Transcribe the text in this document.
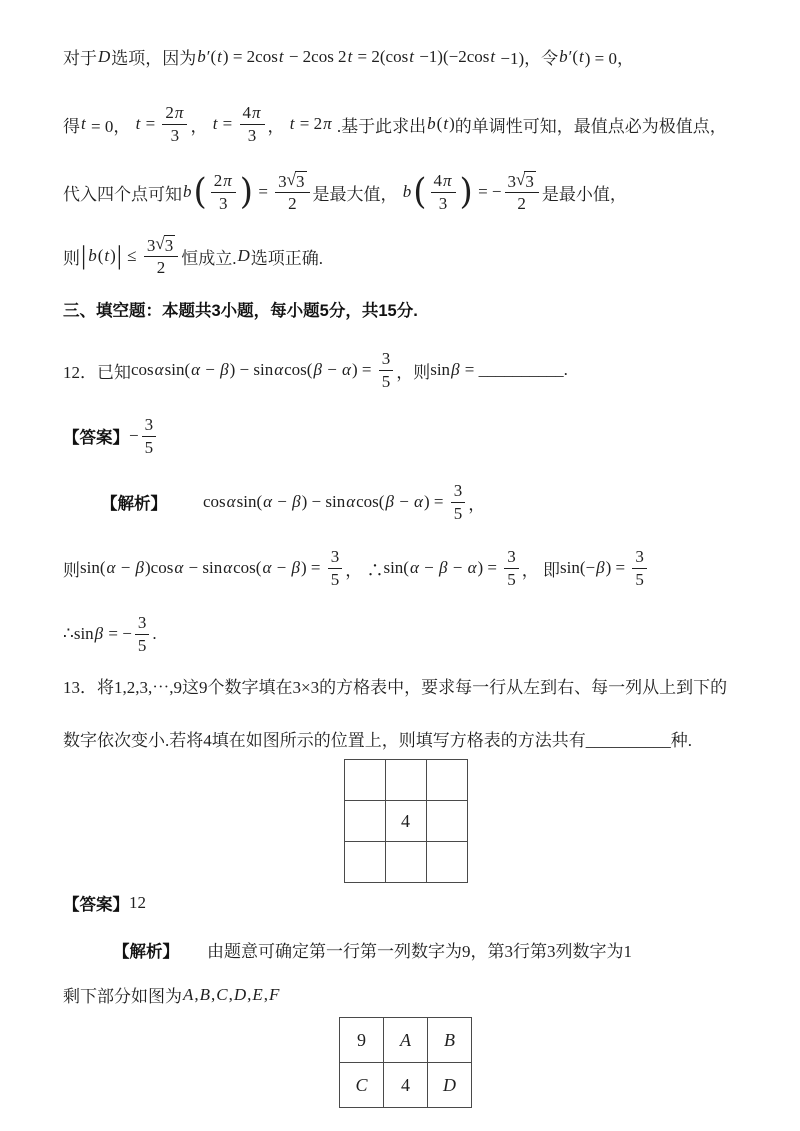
对于 D 选项，因为 b ′( t ) = 2cos t − 2cos 2 t = 2(cos t −1)(−2cos t −1)，令 b ′( t ) = 0，
得 t = 0， $t = \frac{2 \pi}{3}$ ， $t = \frac{4 \pi}{3}$ ， t = 2 π .基于此求出 b ( t ) 的单调性可知，最值点必为极值点，
代入四个点可知 b ( $\frac{2 \pi}{3}$ ) = $\frac{3 √ 3}{2}$ 是最大值， b ( $\frac{4 \pi}{3}$ ) = − $\frac{3 √ 3}{2}$ 是最小值，
则 | b ( t ) | ≤ $\frac{3 √ 3}{2}$ 恒成立. D 选项正确.
三、填空题：本题共3小题，每小题5分，共15分.
12．已知 cos α sin( α − β ) − sin α cos( β − α ) = $\frac{3}{5}$ ，则 sin β = __________.
【答案】 − $\frac{3}{5}$
【解析】 cos α sin( α − β ) − sin α cos( β − α ) = $\frac{3}{5}$ ，
则 sin( α − β )cos α − sin α cos( α − β ) = $\frac{3}{5}$ ， ∴ sin( α − β − α ) = $\frac{3}{5}$ ， 即 sin(− β ) = $\frac{3}{5}$
∴ sin β = − $\frac{3}{5}$ .
13．将1,2,3,⋯,9这9个数字填在3×3的方格表中，要求每一行从左到右、每一列从上到下的
数字依次变小.若将4填在如图所示的位置上，则填写方格表的方法共有__________种.

	4	

【答案】 12
【解析】 由题意可确定第一行第一列数字为9，第3行第3列数字为1
剩下部分如图为 A , B , C , D , E , F
9	A	B
C	4	D
